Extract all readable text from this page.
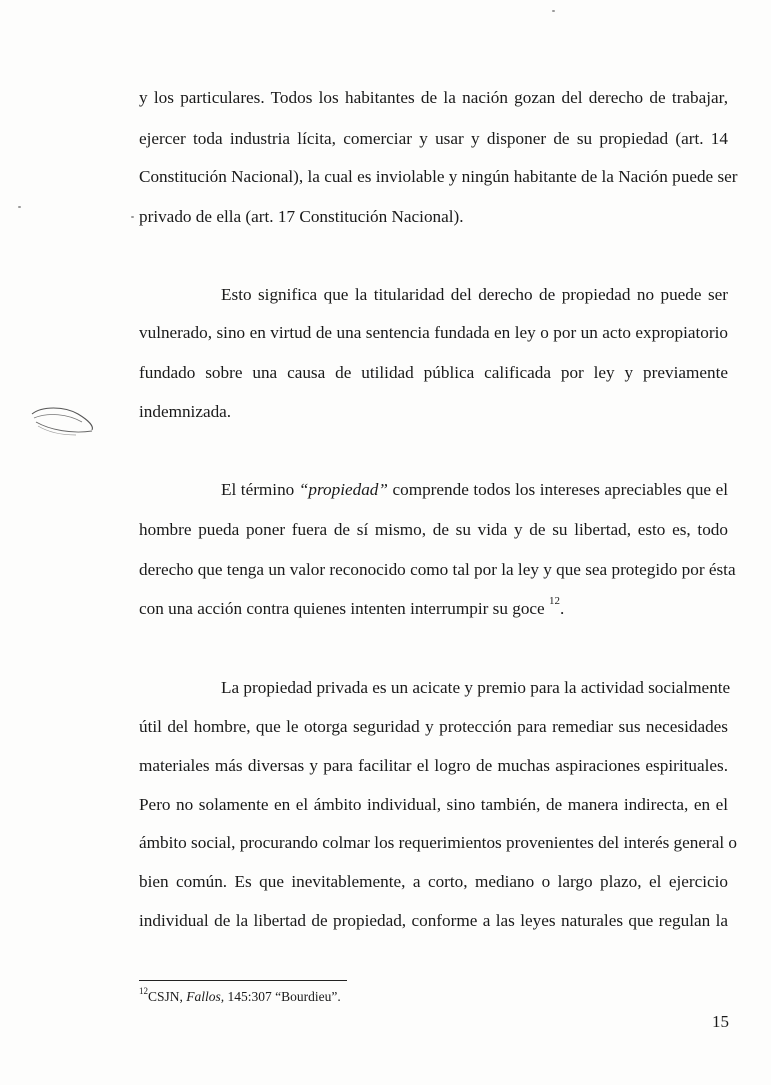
y los particulares. Todos los habitantes de la nación gozan del derecho de trabajar,
ejercer toda industria lícita, comerciar y usar y disponer de su propiedad (art. 14
Constitución Nacional), la cual es inviolable y ningún habitante de la Nación puede ser
privado de ella (art. 17 Constitución Nacional).
Esto significa que la titularidad del derecho de propiedad no puede ser
vulnerado, sino en virtud de una sentencia fundada en ley o por un acto expropiatorio
fundado sobre una causa de utilidad pública calificada por ley y previamente
indemnizada.
El término “propiedad” comprende todos los intereses apreciables que el
hombre pueda poner fuera de sí mismo, de su vida y de su libertad, esto es, todo
derecho que tenga un valor reconocido como tal por la ley y que sea protegido por ésta
con una acción contra quienes intenten interrumpir su goce $^{12}$.
La propiedad privada es un acicate y premio para la actividad socialmente
útil del hombre, que le otorga seguridad y protección para remediar sus necesidades
materiales más diversas y para facilitar el logro de muchas aspiraciones espirituales.
Pero no solamente en el ámbito individual, sino también, de manera indirecta, en el
ámbito social, procurando colmar los requerimientos provenientes del interés general o
bien común. Es que inevitablemente, a corto, mediano o largo plazo, el ejercicio
individual de la libertad de propiedad, conforme a las leyes naturales que regulan la
$^{12}$CSJN, Fallos, 145:307 “Bourdieu”.
15
